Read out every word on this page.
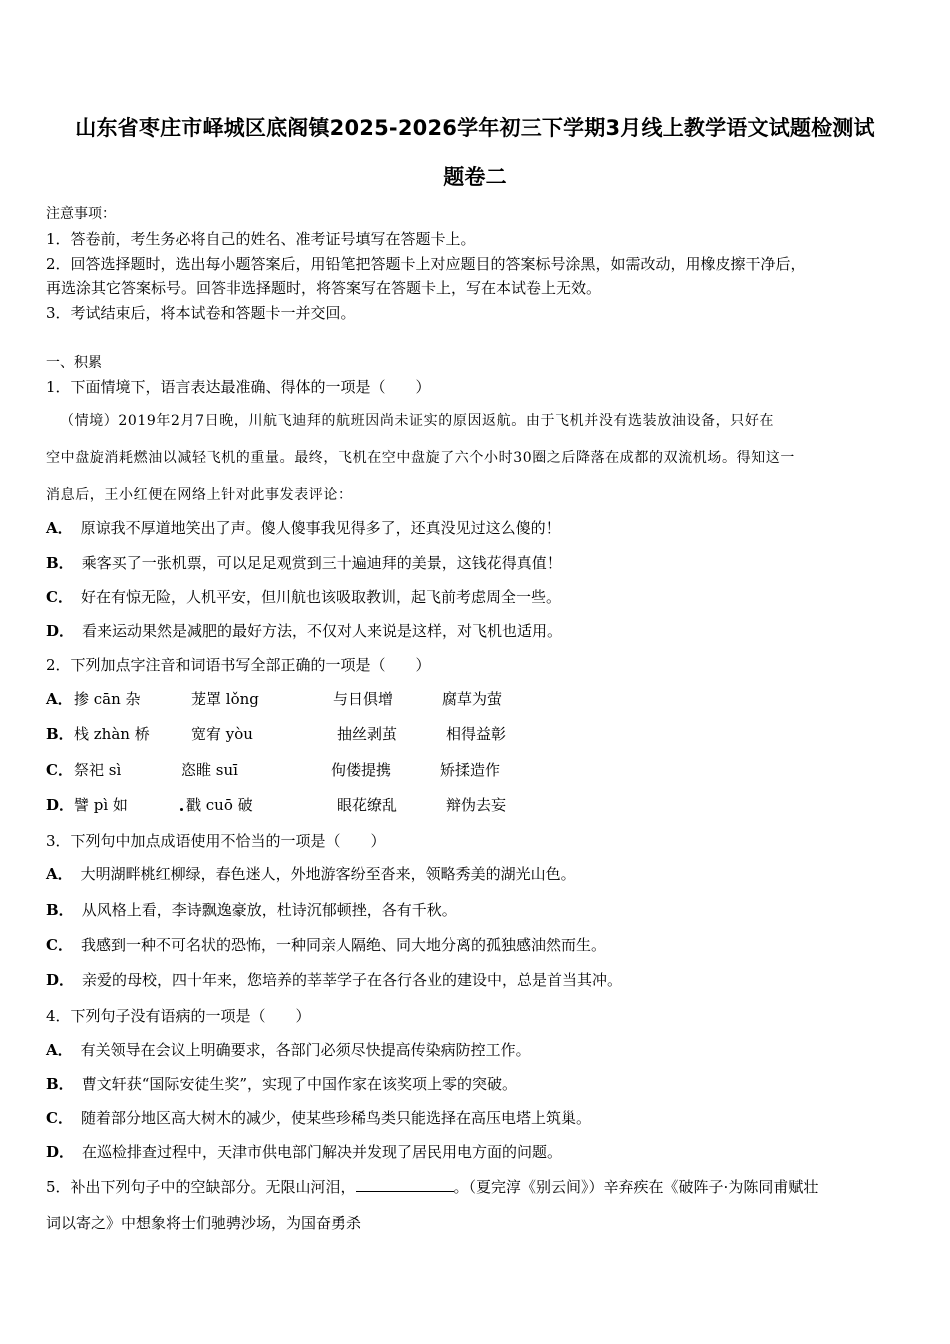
山东省枣庄市峄城区底阁镇2025-2026学年初三下学期3月线上教学语文试题检测试
题卷二
注意事项：
1．答卷前，考生务必将自己的姓名、准考证号填写在答题卡上。
2．回答选择题时，选出每小题答案后，用铅笔把答题卡上对应题目的答案标号涂黑，如需改动，用橡皮擦干净后，
再选涂其它答案标号。回答非选择题时，将答案写在答题卡上，写在本试卷上无效。
3．考试结束后，将本试卷和答题卡一并交回。
一、积累
1．下面情境下，语言表达最准确、得体的一项是（　　）
（情境）2019年2月7日晚，川航飞迪拜的航班因尚未证实的原因返航。由于飞机并没有选装放油设备，只好在
空中盘旋消耗燃油以减轻飞机的重量。最终，飞机在空中盘旋了六个小时30圈之后降落在成都的双流机场。得知这一
消息后，王小红便在网络上针对此事发表评论：
A． 原谅我不厚道地笑出了声。傻人傻事我见得多了，还真没见过这么傻的！
B． 乘客买了一张机票，可以足足观赏到三十遍迪拜的美景，这钱花得真值！
C． 好在有惊无险，人机平安，但川航也该吸取教训，起飞前考虑周全一些。
D． 看来运动果然是减肥的最好方法，不仅对人来说是这样，对飞机也适用。
2．下列加点字注音和词语书写全部正确的一项是（　　）
A． 掺 cān 杂	茏罩 lǒng	与日俱增	腐草为萤
B． 栈 zhàn 桥	宽宥 yòu	抽丝剥茧	相得益彰
C． 祭祀 sì	恣睢 suī	佝偻提携	矫揉造作
D． 譬 pì 如	戳 cuō 破	眼花缭乱	辩伪去妄
3．下列句中加点成语使用不恰当的一项是（　　）
A． 大明湖畔桃红柳绿，春色迷人，外地游客纷至沓来，领略秀美的湖光山色。
B． 从风格上看，李诗飘逸豪放，杜诗沉郁顿挫，各有千秋。
C． 我感到一种不可名状的恐怖，一种同亲人隔绝、同大地分离的孤独感油然而生。
D． 亲爱的母校，四十年来，您培养的莘莘学子在各行各业的建设中，总是首当其冲。
4．下列句子没有语病的一项是（　　）
A． 有关领导在会议上明确要求，各部门必须尽快提高传染病防控工作。
B． 曹文轩获“国际安徒生奖”，实现了中国作家在该奖项上零的突破。
C． 随着部分地区高大树木的减少，使某些珍稀鸟类只能选择在高压电塔上筑巢。
D． 在巡检排查过程中，天津市供电部门解决并发现了居民用电方面的问题。
5．补出下列句子中的空缺部分。无限山河泪，	。（夏完淳《别云间》）辛弃疾在《破阵子·为陈同甫赋壮
词以寄之》中想象将士们驰骋沙场，为国奋勇杀
